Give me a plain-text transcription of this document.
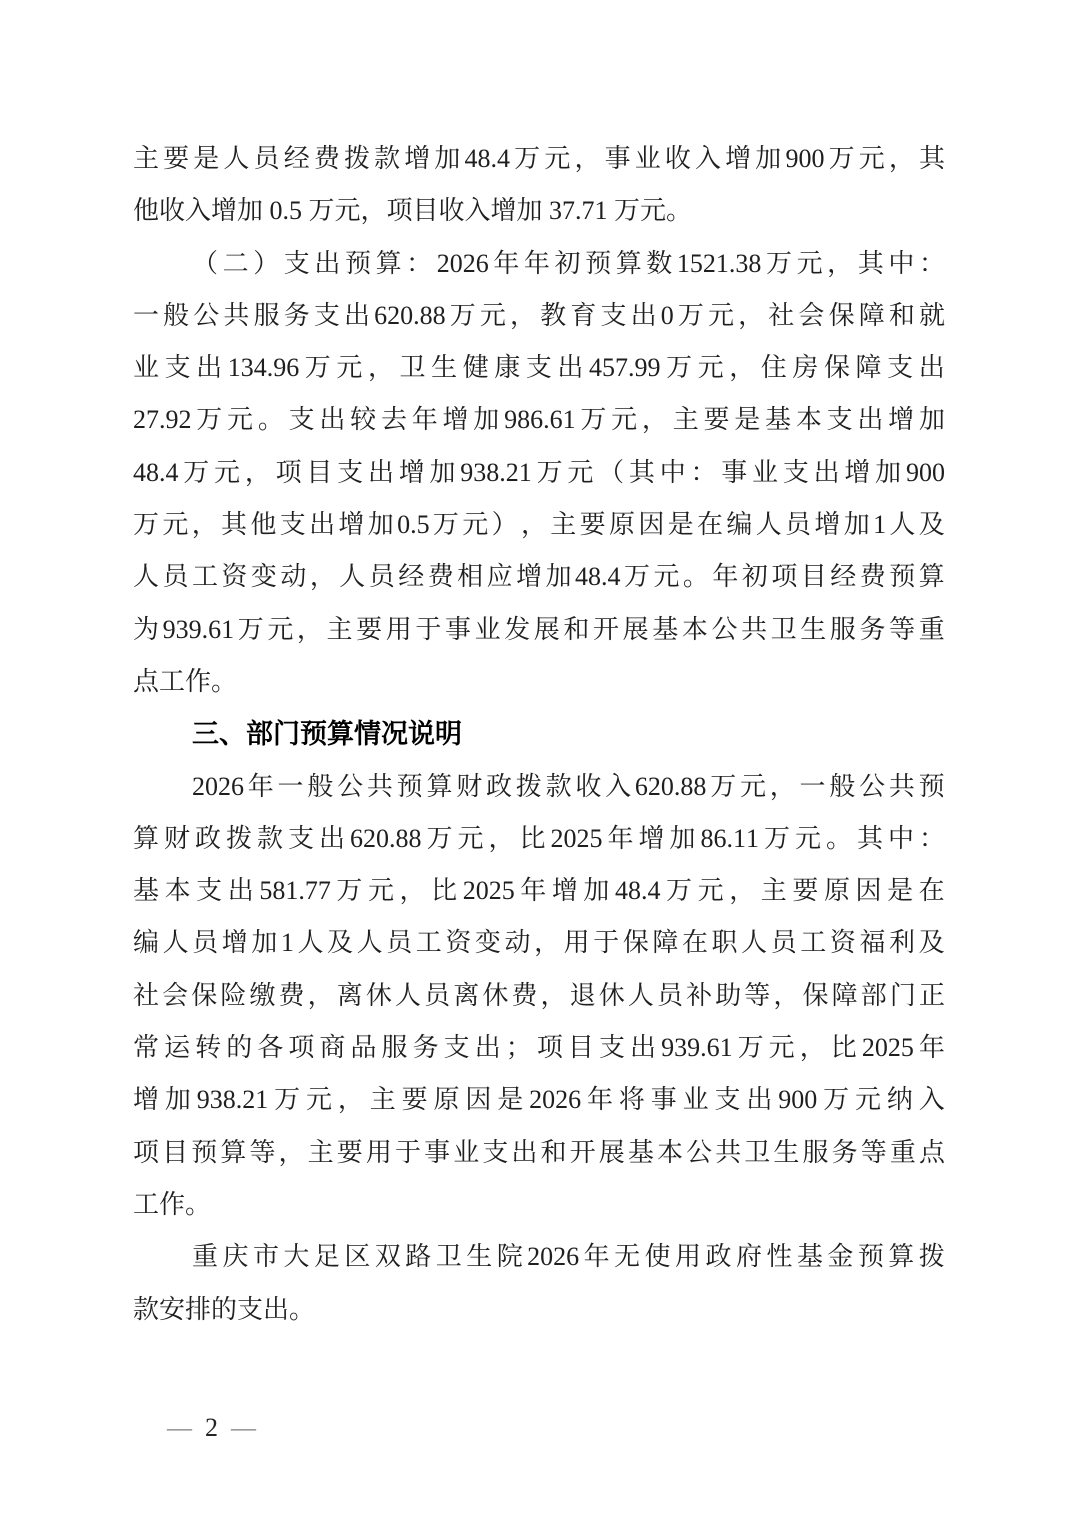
主 要 是 人 员 经 费 拨 款 增 加 48.4 万 元 ， 事 业 收 入 增 加 900 万 元 ， 其
他收入增加 0.5 万元，项目收入增加 37.71 万元。
（ 二 ） 支 出 预 算 ： 2026 年 年 初 预 算 数 1521.38 万 元 ， 其 中 ：
一 般 公 共 服 务 支 出 620.88 万 元 ， 教 育 支 出 0 万 元 ， 社 会 保 障 和 就
业 支 出 134.96 万 元 ， 卫 生 健 康 支 出 457.99 万 元 ， 住 房 保 障 支 出
27.92 万 元 。 支 出 较 去 年 增 加 986.61 万 元 ， 主 要 是 基 本 支 出 增 加
48.4 万 元 ， 项 目 支 出 增 加 938.21 万 元 （ 其 中 ： 事 业 支 出 增 加 900
万 元 ， 其 他 支 出 增 加 0.5 万 元 ） ， 主 要 原 因 是 在 编 人 员 增 加 1 人 及
人 员 工 资 变 动 ， 人 员 经 费 相 应 增 加 48.4 万 元 。 年 初 项 目 经 费 预 算
为 939.61 万 元 ， 主 要 用 于 事 业 发 展 和 开 展 基 本 公 共 卫 生 服 务 等 重
点工作。
三、部门预算情况说明
2026 年 一 般 公 共 预 算 财 政 拨 款 收 入 620.88 万 元 ， 一 般 公 共 预
算 财 政 拨 款 支 出 620.88 万 元 ， 比 2025 年 增 加 86.11 万 元 。 其 中 ：
基 本 支 出 581.77 万 元 ， 比 2025 年 增 加 48.4 万 元 ， 主 要 原 因 是 在
编 人 员 增 加 1 人 及 人 员 工 资 变 动 ， 用 于 保 障 在 职 人 员 工 资 福 利 及
社 会 保 险 缴 费 ， 离 休 人 员 离 休 费 ， 退 休 人 员 补 助 等 ， 保 障 部 门 正
常 运 转 的 各 项 商 品 服 务 支 出 ； 项 目 支 出 939.61 万 元 ， 比 2025 年
增 加 938.21 万 元 ， 主 要 原 因 是 2026 年 将 事 业 支 出 900 万 元 纳 入
项 目 预 算 等 ， 主 要 用 于 事 业 支 出 和 开 展 基 本 公 共 卫 生 服 务 等 重 点
工作。
重 庆 市 大 足 区 双 路 卫 生 院 2026 年 无 使 用 政 府 性 基 金 预 算 拨
款安排的支出。
— 2 —
